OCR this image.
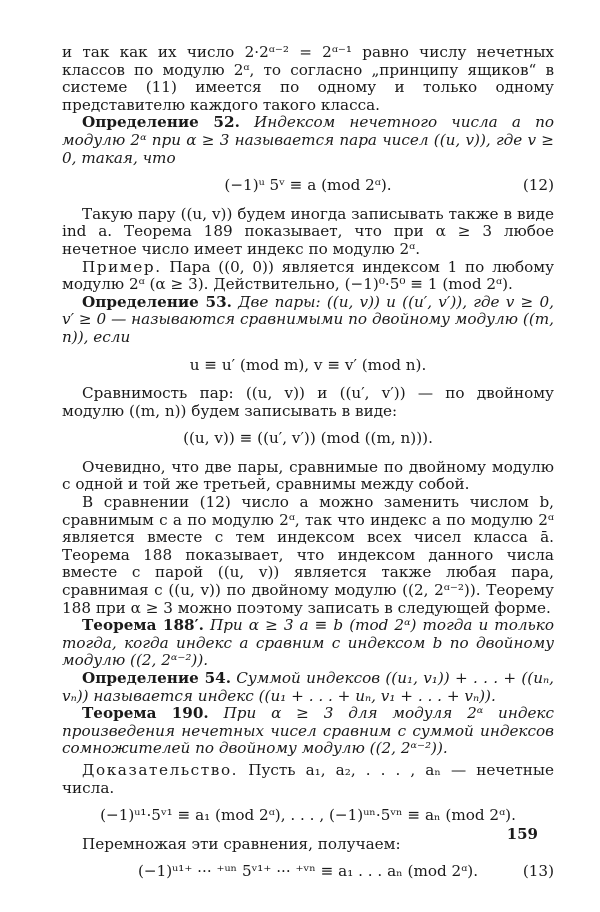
и так как их число 2·2ᵅ⁻² = 2ᵅ⁻¹ равно числу нечетных классов по модулю 2ᵅ, то согласно „принципу ящиков“ в системе (11) имеется по одному и только одному представителю каждого такого класса.

Определение 52. Индексом нечетного числа a по модулю 2ᵅ при α ≥ 3 называется пара чисел ((u, v)), где v ≥ 0, такая, что

(−1)ᵘ 5ᵛ ≡ a (mod 2ᵅ).	(12)

Такую пару ((u, v)) будем иногда записывать также в виде ind a. Теорема 189 показывает, что при α ≥ 3 любое нечетное число имеет индекс по модулю 2ᵅ.

Пример. Пара ((0, 0)) является индексом 1 по любому модулю 2ᵅ (α ≥ 3). Действительно, (−1)⁰·5⁰ ≡ 1 (mod 2ᵅ).

Определение 53. Две пары: ((u, v)) и ((u′, v′)), где v ≥ 0, v′ ≥ 0 — называются сравнимыми по двойному модулю ((m, n)), если

u ≡ u′ (mod m), v ≡ v′ (mod n).

Сравнимость пар: ((u, v)) и ((u′, v′)) — по двойному модулю ((m, n)) будем записывать в виде:

((u, v)) ≡ ((u′, v′)) (mod ((m, n))).

Очевидно, что две пары, сравнимые по двойному модулю с одной и той же третьей, сравнимы между собой.

В сравнении (12) число a можно заменить числом b, сравнимым с a по модулю 2ᵅ, так что индекс a по модулю 2ᵅ является вместе с тем индексом всех чисел класса ā. Теорема 188 показывает, что индексом данного числа вместе с парой ((u, v)) является также любая пара, сравнимая с ((u, v)) по двойному модулю ((2, 2ᵅ⁻²)). Теорему 188 при α ≥ 3 можно поэтому записать в следующей форме.

Теорема 188′. При α ≥ 3 a ≡ b (mod 2ᵅ) тогда и только тогда, когда индекс a сравним с индексом b по двойному модулю ((2, 2ᵅ⁻²)).

Определение 54. Суммой индексов ((u₁, v₁)) + . . . + ((uₙ, vₙ)) называется индекс ((u₁ + . . . + uₙ, v₁ + . . . + vₙ)).

Теорема 190. При α ≥ 3 для модуля 2ᵅ индекс произведения нечетных чисел сравним с суммой индексов сомножителей по двойному модулю ((2, 2ᵅ⁻²)).

Доказательство. Пусть a₁, a₂, . . . , aₙ — нечетные числа.

(−1)ᵘ¹·5ᵛ¹ ≡ a₁ (mod 2ᵅ), . . . , (−1)ᵘⁿ·5ᵛⁿ ≡ aₙ (mod 2ᵅ).

Перемножая эти сравнения, получаем:

(−1)ᵘ¹⁺ ··· ⁺ᵘⁿ 5ᵛ¹⁺ ··· ⁺ᵛⁿ ≡ a₁ . . . aₙ (mod 2ᵅ).	(13)
159
